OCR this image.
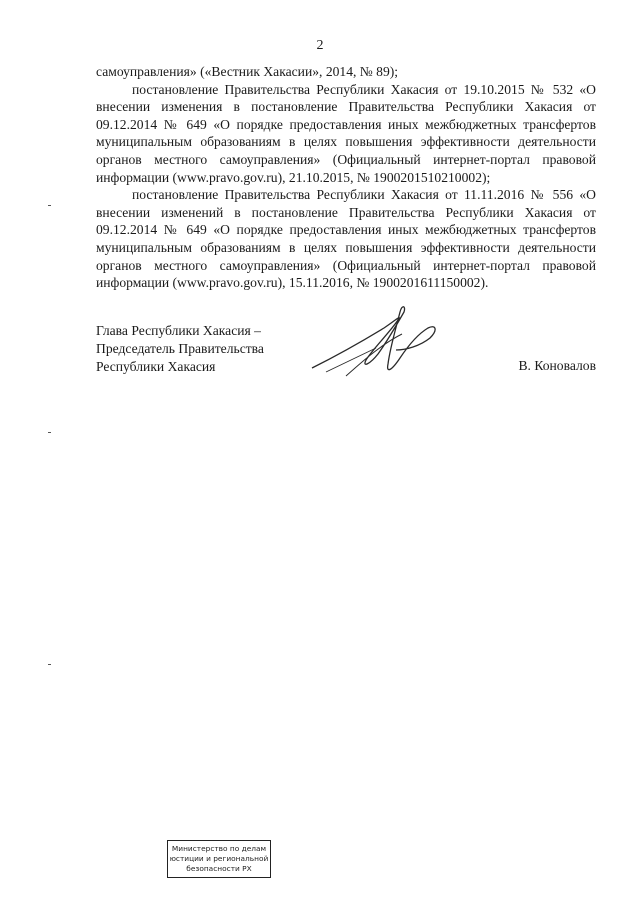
2

самоуправления» («Вестник Хакасии», 2014, № 89);

постановление Правительства Республики Хакасия от 19.10.2015 № 532 «О внесении изменения в постановление Правительства Республики Хакасия от 09.12.2014 № 649 «О порядке предоставления иных межбюджетных трансфертов муниципальным образованиям в целях повышения эффективности деятельности органов местного самоуправления» (Официальный интернет-портал правовой информации (www.pravo.gov.ru), 21.10.2015, № 1900201510210002);

постановление Правительства Республики Хакасия от 11.11.2016 № 556 «О внесении изменений в постановление Правительства Республики Хакасия от 09.12.2014 № 649 «О порядке предоставления иных межбюджетных трансфертов муниципальным образованиям в целях повышения эффективности деятельности органов местного самоуправления» (Официальный интернет-портал правовой информации (www.pravo.gov.ru), 15.11.2016, № 1900201611150002).

Глава Республики Хакасия –
Председатель Правительства
Республики Хакасия	В. Коновалов
Министерство по делам
юстиции и региональной
безопасности РХ
